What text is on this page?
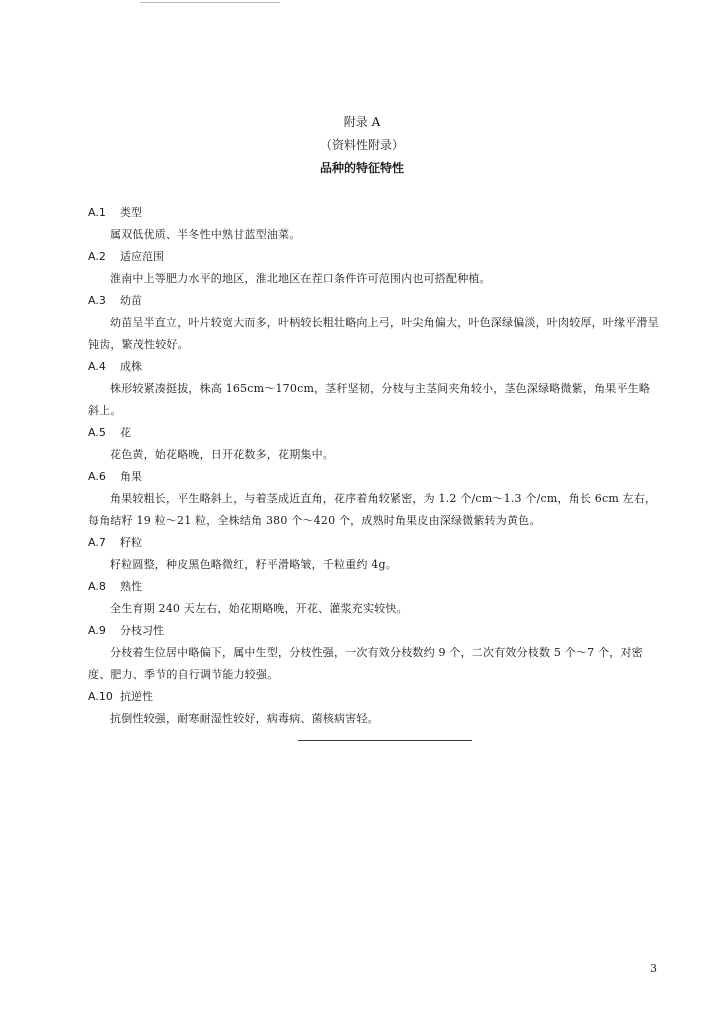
附录 A
（资料性附录）
品种的特征特性
A.1 类型

属双低优质、半冬性中熟甘蓝型油菜。

A.2 适应范围

淮南中上等肥力水平的地区，淮北地区在茬口条件许可范围内也可搭配种植。

A.3 幼苗

幼苗呈半直立，叶片较宽大而多，叶柄较长粗壮略向上弓，叶尖角偏大，叶色深绿偏淡，叶肉较厚，叶缘平滑呈钝齿，繁茂性较好。

A.4 成株

株形较紧凑挺拔，株高 165cm～170cm，茎秆坚韧，分枝与主茎间夹角较小，茎色深绿略微紫，角果平生略斜上。

A.5 花

花色黄，始花略晚，日开花数多，花期集中。

A.6 角果

角果较粗长，平生略斜上，与着茎成近直角，花序着角较紧密，为 1.2 个/cm～1.3 个/cm，角长 6cm 左右，每角结籽 19 粒～21 粒，全株结角 380 个～420 个，成熟时角果皮由深绿微紫转为黄色。

A.7 籽粒

籽粒圆整，种皮黑色略微红，籽平滑略皱，千粒重约 4g。

A.8 熟性

全生育期 240 天左右，始花期略晚，开花、灌浆充实较快。

A.9 分枝习性

分枝着生位居中略偏下，属中生型，分枝性强，一次有效分枝数约 9 个，二次有效分枝数 5 个～7 个，对密度、肥力、季节的自行调节能力较强。

A.10 抗逆性

抗倒性较强，耐寒耐湿性较好，病毒病、菌核病害轻。

3
